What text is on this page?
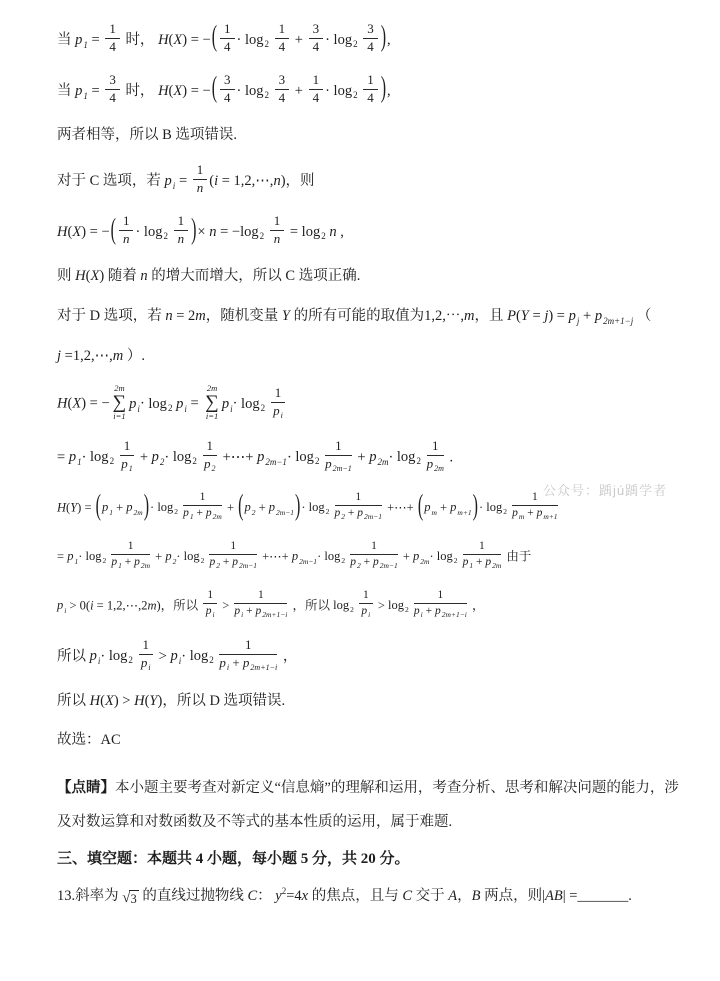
当 $p_1 = \frac{1}{4}$ 时， H(X) = −( $\frac{1}{4} \cdot \log_2 \frac{1}{4} + \frac{3}{4} \cdot \log_2 \frac{3}{4}$ ),
当 $p_1 = \frac{3}{4}$ 时， H(X) = −( $\frac{3}{4} \cdot \log_2 \frac{3}{4} + \frac{1}{4} \cdot \log_2 \frac{1}{4}$ ),
两者相等，所以 B 选项错误.
对于 C 选项，若 $p_i = \frac{1}{n} (i$ = 1,2,⋯,n)，则
H(X) = −( $\frac{1}{n} \cdot \log_2 \frac{1}{n}$ )× $n = -\log_2 \frac{1}{n} = \log_2 n$ ,
则 H(X) 随着 n 的增大而增大，所以 C 选项正确.
对于 D 选项，若 n = 2m，随机变量 Y 的所有可能的取值为1,2,⋯,m，且 $P(Y = j) = p_j + p_{2m+1-j}$ （
j =1,2,⋯,m ）.
H(X) = −
2m
∑
i=1
$p_i\cdot \log_2 p_i$ =
2m
∑
i=1
$p_i\cdot \log_2 \frac{1}{p_i}$
= $p_1\cdot \log_2 \frac{1}{p_1} + p_2\cdot \log_2 \frac{1}{p_2}$ +⋯+ $p_{2m-1}\cdot \log_2 \frac{1}{p_{2m-1}} + p_{2m}\cdot \log_2 \frac{1}{p_{2m}}$ .
$H(Y) = (p_1 + p_{2m})\cdot \log_2 \frac{1}{p_1 + p_{2m}} + (p_2 + p_{2m-1})\cdot \log_2 \frac{1}{p_2 + p_{2m-1}}$ +⋯+ $(p_m + p_{m+1})\cdot \log_2 \frac{1}{p_m + p_{m+1}}$
= $p_1\cdot \log_2 \frac{1}{p_1 + p_{2m}} + p_2\cdot \log_2 \frac{1}{p_2 + p_{2m-1}}$ +⋯+ $p_{2m-1}\cdot \log_2 \frac{1}{p_2 + p_{2m-1}} + p_{2m}\cdot \log_2 \frac{1}{p_1 + p_{2m}}$ 由于
$p_i > 0(i$ = 1,2,⋯,2m)，所以 $\frac{1}{p_i} > \frac{1}{p_i + p_{2m+1-i}}$ ，所以 $\log_2 \frac{1}{p_i} > \log_2 \frac{1}{p_i + p_{2m+1-i}}$ ，
所以 $p_i\cdot \log_2 \frac{1}{p_i} > p_i\cdot \log_2 \frac{1}{p_i + p_{2m+1-i}}$ ，
所以 H(X) > H(Y)，所以 D 选项错误.
故选：AC
【点睛】本小题主要考查对新定义“信息熵”的理解和运用，考查分析、思考和解决问题的能力，涉及对数运算和对数函数及不等式的基本性质的运用，属于难题.
三、填空题：本题共 4 小题，每小题 5 分，共 20 分。
13.斜率为 √ 3 的直线过抛物线 C： $y^2=4x$ 的焦点，且与 C 交于 A，B 两点，则|AB| =_______.
公众号：踽jú踽学者
